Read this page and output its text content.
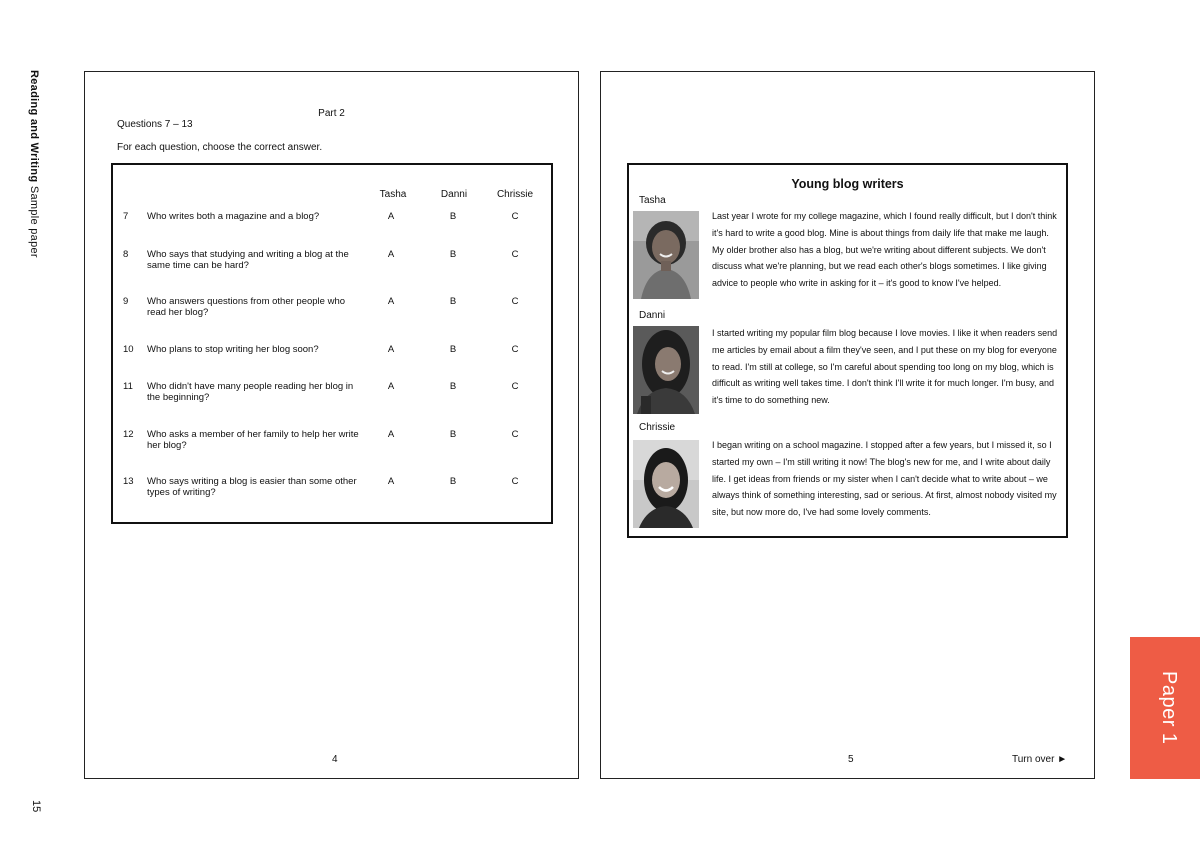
Reading and Writing Sample paper
15
Paper 1
Part 2
Questions 7 – 13
For each question, choose the correct answer.
Tasha	Danni	Chrissie
7 Who writes both a magazine and a blog?	A	B	C
8 Who says that studying and writing a blog at the same time can be hard?
A	B	C
9 Who answers questions from other people who read her blog?
A	B	C
10 Who plans to stop writing her blog soon?	A	B	C
11 Who didn't have many people reading her blog in the beginning?
A	B	C
12 Who asks a member of her family to help her write her blog?
A	B	C
13 Who says writing a blog is easier than some other types of writing?
A	B	C
4
Young blog writers
Tasha
Last year I wrote for my college magazine, which I found really difficult, but I don't think it's hard to write a good blog. Mine is about things from daily life that make me laugh. My older brother also has a blog, but we're writing about different subjects. We don't discuss what we're planning, but we read each other's blogs sometimes. I like giving advice to people who write in asking for it – it's good to know I've helped.
Danni
I started writing my popular film blog because I love movies. I like it when readers send me articles by email about a film they've seen, and I put these on my blog for everyone to read. I'm still at college, so I'm careful about spending too long on my blog, which is difficult as writing well takes time. I don't think I'll write it for much longer. I'm busy, and it's time to do something new.
Chrissie
I began writing on a school magazine. I stopped after a few years, but I missed it, so I started my own – I'm still writing it now! The blog's new for me, and I write about daily life. I get ideas from friends or my sister when I can't decide what to write about – we always think of something interesting, sad or serious. At first, almost nobody visited my site, but now more do, I've had some lovely comments.
5	Turn over ►
